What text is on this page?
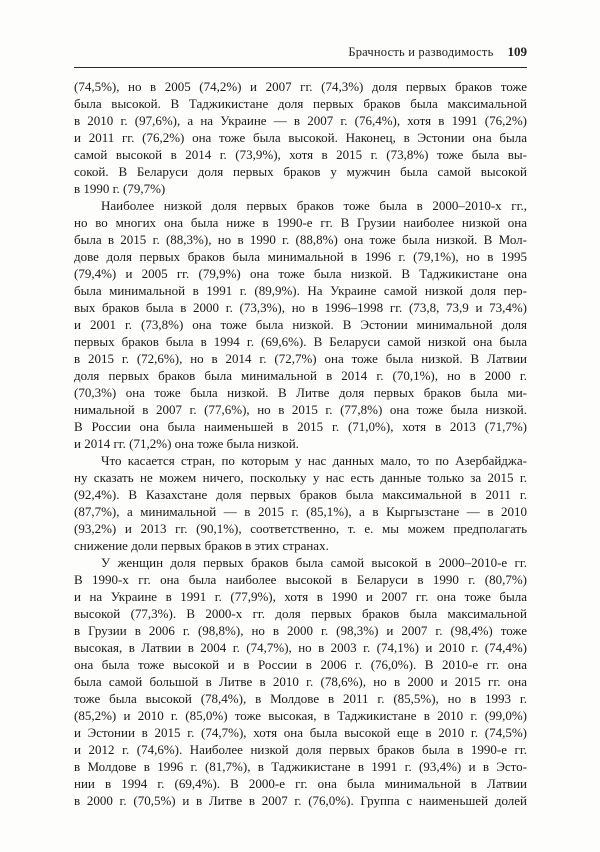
Брачность и разводимость 109
(74,5%), но в 2005 (74,2%) и 2007 гг. (74,3%) доля первых браков тоже
была высокой. В Таджикистане доля первых браков была максимальной
в 2010 г. (97,6%), а на Украине — в 2007 г. (76,4%), хотя в 1991 (76,2%)
и 2011 гг. (76,2%) она тоже была высокой. Наконец, в Эстонии она была
самой высокой в 2014 г. (73,9%), хотя в 2015 г. (73,8%) тоже была вы-
сокой. В Беларуси доля первых браков у мужчин была самой высокой
в 1990 г. (79,7%)
Наиболее низкой доля первых браков тоже была в 2000–2010-х гг.,
но во многих она была ниже в 1990-е гг. В Грузии наиболее низкой она
была в 2015 г. (88,3%), но в 1990 г. (88,8%) она тоже была низкой. В Мол-
дове доля первых браков была минимальной в 1996 г. (79,1%), но в 1995
(79,4%) и 2005 гг. (79,9%) она тоже была низкой. В Таджикистане она
была минимальной в 1991 г. (89,9%). На Украине самой низкой доля пер-
вых браков была в 2000 г. (73,3%), но в 1996–1998 гг. (73,8, 73,9 и 73,4%)
и 2001 г. (73,8%) она тоже была низкой. В Эстонии минимальной доля
первых браков была в 1994 г. (69,6%). В Беларуси самой низкой она была
в 2015 г. (72,6%), но в 2014 г. (72,7%) она тоже была низкой. В Латвии
доля первых браков была минимальной в 2014 г. (70,1%), но в 2000 г.
(70,3%) она тоже была низкой. В Литве доля первых браков была ми-
нимальной в 2007 г. (77,6%), но в 2015 г. (77,8%) она тоже была низкой.
В России она была наименьшей в 2015 г. (71,0%), хотя в 2013 (71,7%)
и 2014 гг. (71,2%) она тоже была низкой.
Что касается стран, по которым у нас данных мало, то по Азербайджа-
ну сказать не можем ничего, поскольку у нас есть данные только за 2015 г.
(92,4%). В Казахстане доля первых браков была максимальной в 2011 г.
(87,7%), а минимальной — в 2015 г. (85,1%), а в Кыргызстане — в 2010
(93,2%) и 2013 гг. (90,1%), соответственно, т. е. мы можем предполагать
снижение доли первых браков в этих странах.
У женщин доля первых браков была самой высокой в 2000–2010-е гг.
В 1990-х гг. она была наиболее высокой в Беларуси в 1990 г. (80,7%)
и на Украине в 1991 г. (77,9%), хотя в 1990 и 2007 гг. она тоже была
высокой (77,3%). В 2000-х гг. доля первых браков была максимальной
в Грузии в 2006 г. (98,8%), но в 2000 г. (98,3%) и 2007 г. (98,4%) тоже
высокая, в Латвии в 2004 г. (74,7%), но в 2003 г. (74,1%) и 2010 г. (74,4%)
она была тоже высокой и в России в 2006 г. (76,0%). В 2010-е гг. она
была самой большой в Литве в 2010 г. (78,6%), но в 2000 и 2015 гг. она
тоже была высокой (78,4%), в Молдове в 2011 г. (85,5%), но в 1993 г.
(85,2%) и 2010 г. (85,0%) тоже высокая, в Таджикистане в 2010 г. (99,0%)
и Эстонии в 2015 г. (74,7%), хотя она была высокой еще в 2010 г. (74,5%)
и 2012 г. (74,6%). Наиболее низкой доля первых браков была в 1990-е гг.
в Молдове в 1996 г. (81,7%), в Таджикистане в 1991 г. (93,4%) и в Эсто-
нии в 1994 г. (69,4%). В 2000-е гг. она была минимальной в Латвии
в 2000 г. (70,5%) и в Литве в 2007 г. (76,0%). Группа с наименьшей долей
